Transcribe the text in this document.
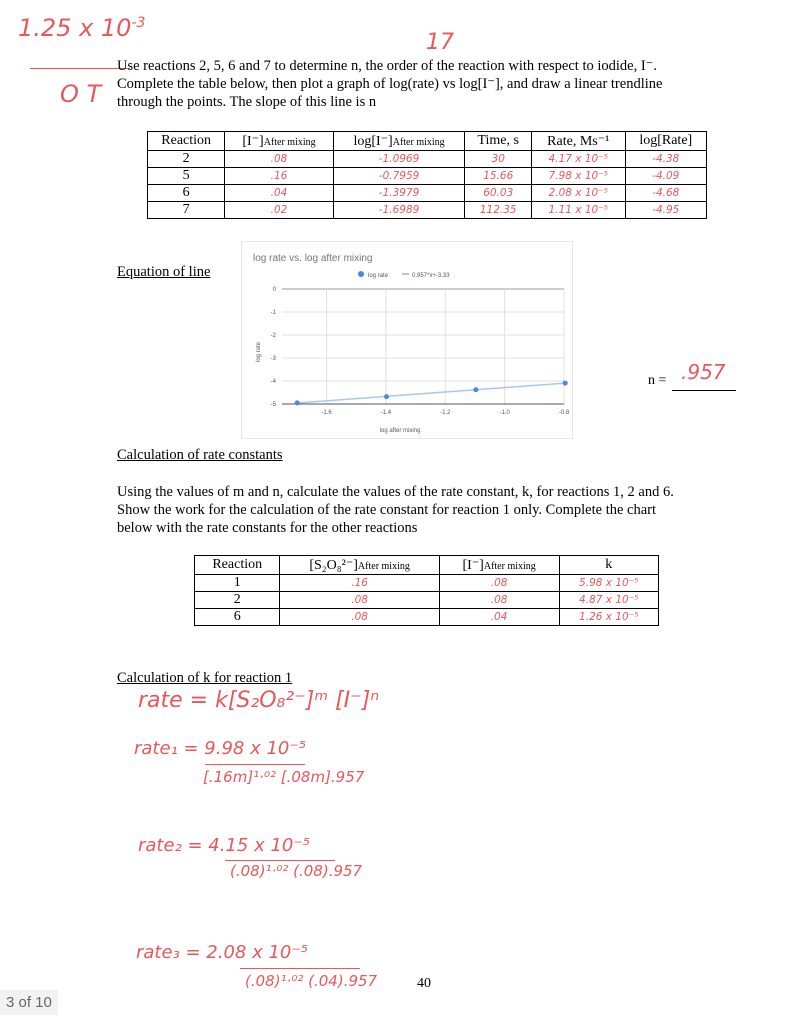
1.25 x $10^{-3}$
17
O T

Use reactions 2, 5, 6 and 7 to determine n, the order of the reaction with respect to iodide, I⁻.

Complete the table below, then plot a graph of log(rate) vs log[I⁻], and draw a linear trendline

through the points. The slope of this line is n

Reaction	[I⁻]After mixing	log[I⁻]After mixing	Time, s	Rate, Ms⁻¹	log[Rate]
2	.08	-1.0969	30	4.17 x 10⁻⁵	-4.38
5	.16	-0.7959	15.66	7.98 x 10⁻⁵	-4.09
6	.04	-1.3979	60.03	2.08 x 10⁻⁵	-4.68
7	.02	-1.6989	112.35	1.11 x 10⁻⁵	-4.95
Equation of line
log rate vs. log after mixing
log rate	0.957*x+-3.33
0
-1
-2
-3
-4
-5
-1.6	-1.4	-1.2	-1.0	-0.8
log after mixing
log rate
n = .957
Calculation of rate constants

Using the values of m and n, calculate the values of the rate constant, k, for reactions 1, 2 and 6.

Show the work for the calculation of the rate constant for reaction 1 only. Complete the chart

below with the rate constants for the other reactions

Reaction	[S₂O₈²⁻]After mixing	[I⁻]After mixing	k
1	.16	.08	5.98 x 10⁻⁵
2	.08	.08	4.87 x 10⁻⁵
6	.08	.04	1.26 x 10⁻⁵
Calculation of k for reaction 1
rate = k[S₂O₈²⁻]ᵐ [I⁻]ⁿ
rate₁ = 9.98 x 10⁻⁵
[.16m]¹·⁰² [.08m].957
rate₂ = 4.15 x 10⁻⁵
(.08)¹·⁰² (.08).957
rate₃ = 2.08 x 10⁻⁵
(.08)¹·⁰² (.04).957	40
3 of 10
